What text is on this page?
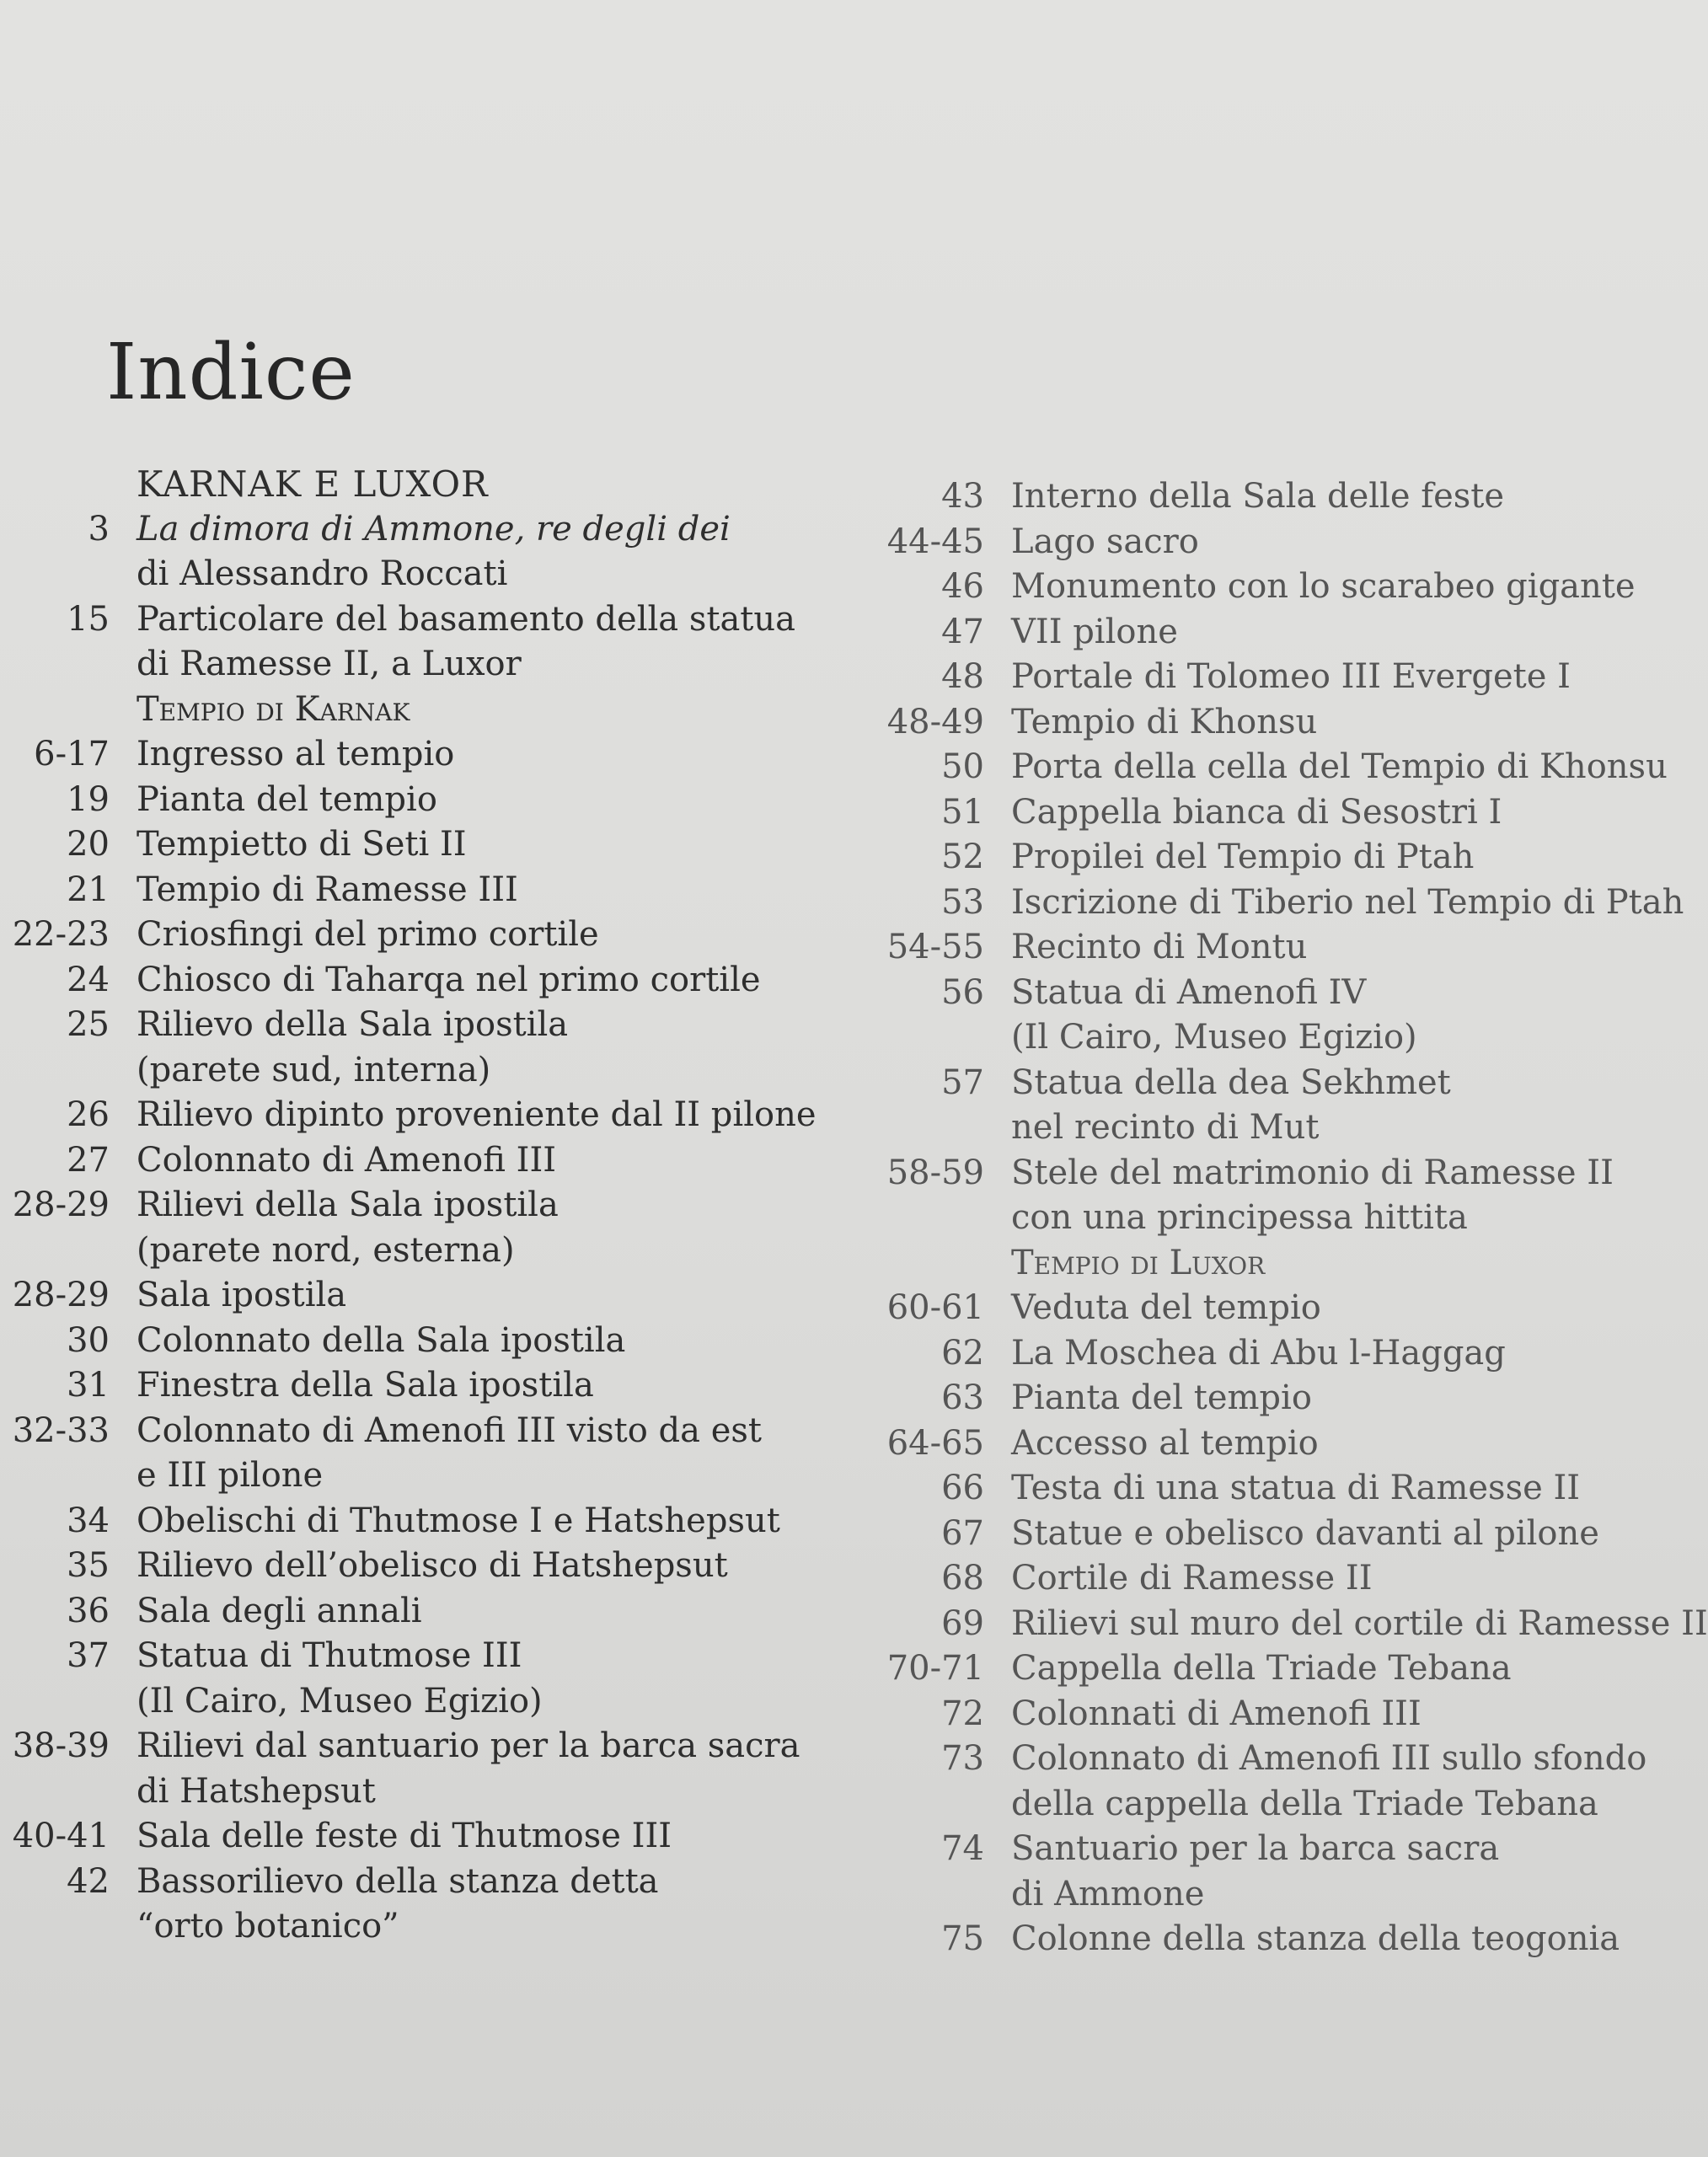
Indice
KARNAK E LUXOR
3 La dimora di Ammone, re degli dei
di Alessandro Roccati
15 Particolare del basamento della statua
di Ramesse II, a Luxor
Tempio di Karnak
6-17 Ingresso al tempio
19 Pianta del tempio
20 Tempietto di Seti II
21 Tempio di Ramesse III
22-23 Criosfingi del primo cortile
24 Chiosco di Taharqa nel primo cortile
25 Rilievo della Sala ipostila
(parete sud, interna)
26 Rilievo dipinto proveniente dal II pilone
27 Colonnato di Amenofi III
28-29 Rilievi della Sala ipostila
(parete nord, esterna)
28-29 Sala ipostila
30 Colonnato della Sala ipostila
31 Finestra della Sala ipostila
32-33 Colonnato di Amenofi III visto da est
e III pilone
34 Obelischi di Thutmose I e Hatshepsut
35 Rilievo dell’obelisco di Hatshepsut
36 Sala degli annali
37 Statua di Thutmose III
(Il Cairo, Museo Egizio)
38-39 Rilievi dal santuario per la barca sacra
di Hatshepsut
40-41 Sala delle feste di Thutmose III
42 Bassorilievo della stanza detta
“orto botanico”
43 Interno della Sala delle feste
44-45 Lago sacro
46 Monumento con lo scarabeo gigante
47 VII pilone
48 Portale di Tolomeo III Evergete I
48-49 Tempio di Khonsu
50 Porta della cella del Tempio di Khonsu
51 Cappella bianca di Sesostri I
52 Propilei del Tempio di Ptah
53 Iscrizione di Tiberio nel Tempio di Ptah
54-55 Recinto di Montu
56 Statua di Amenofi IV
(Il Cairo, Museo Egizio)
57 Statua della dea Sekhmet
nel recinto di Mut
58-59 Stele del matrimonio di Ramesse II
con una principessa hittita
Tempio di Luxor
60-61 Veduta del tempio
62 La Moschea di Abu l-Haggag
63 Pianta del tempio
64-65 Accesso al tempio
66 Testa di una statua di Ramesse II
67 Statue e obelisco davanti al pilone
68 Cortile di Ramesse II
69 Rilievi sul muro del cortile di Ramesse II
70-71 Cappella della Triade Tebana
72 Colonnati di Amenofi III
73 Colonnato di Amenofi III sullo sfondo
della cappella della Triade Tebana
74 Santuario per la barca sacra
di Ammone
75 Colonne della stanza della teogonia
